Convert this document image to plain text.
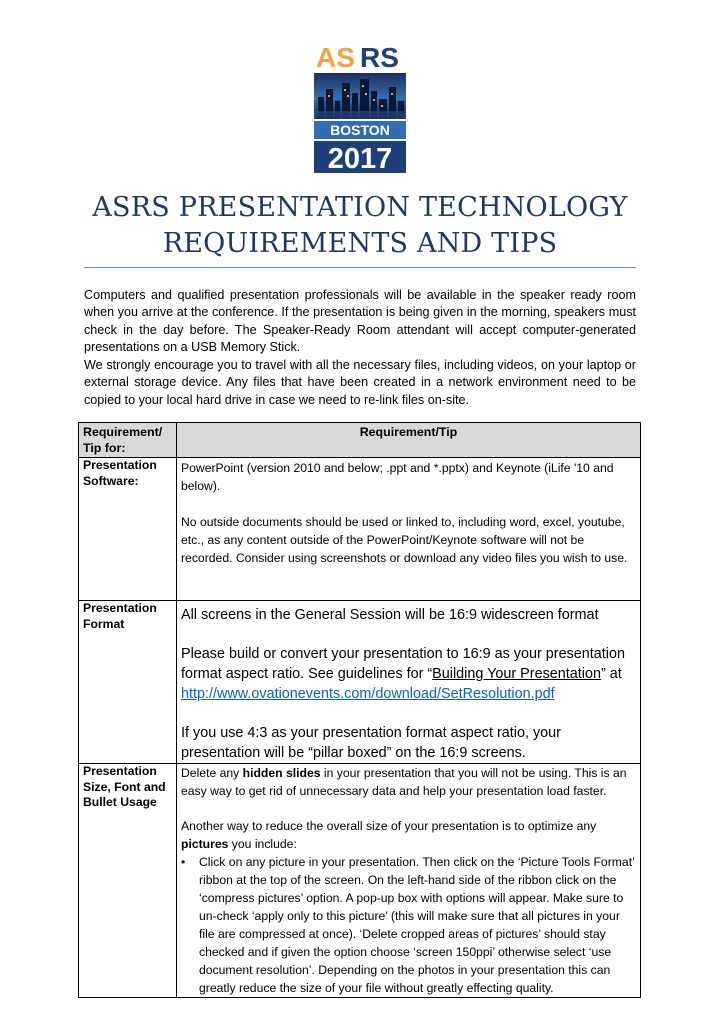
AS RS
BOSTON
2017
ASRS PRESENTATION TECHNOLOGY
REQUIREMENTS AND TIPS
Computers and qualified presentation professionals will be available in the speaker ready room when you arrive at the conference. If the presentation is being given in the morning, speakers must check in the day before. The Speaker-Ready Room attendant will accept computer-generated presentations on a USB Memory Stick.
We strongly encourage you to travel with all the necessary files, including videos, on your laptop or external storage device. Any files that have been created in a network environment need to be copied to your local hard drive in case we need to re-link files on-site.
Requirement/ Tip for:	Requirement/Tip
Presentation Software:	PowerPoint (version 2010 and below; .ppt and *.pptx) and Keynote (iLife '10 and below).

No outside documents should be used or linked to, including word, excel, youtube, etc., as any content outside of the PowerPoint/Keynote software will not be recorded. Consider using screenshots or download any video files you wish to use.

Presentation Format	All screens in the General Session will be 16:9 widescreen format

Please build or convert your presentation to 16:9 as your presentation format aspect ratio. See guidelines for “Building Your Presentation” at
http://www.ovationevents.com/download/SetResolution.pdf

If you use 4:3 as your presentation format aspect ratio, your presentation will be “pillar boxed” on the 16:9 screens.

Presentation Size, Font and Bullet Usage	Delete any hidden slides in your presentation that you will not be using. This is an easy way to get rid of unnecessary data and help your presentation load faster.

Another way to reduce the overall size of your presentation is to optimize any pictures you include:

• Click on any picture in your presentation. Then click on the ‘Picture Tools Format’ ribbon at the top of the screen. On the left-hand side of the ribbon click on the ‘compress pictures’ option. A pop-up box with options will appear. Make sure to un-check ‘apply only to this picture’ (this will make sure that all pictures in your file are compressed at once). ‘Delete cropped areas of pictures’ should stay checked and if given the option choose ‘screen 150ppi’ otherwise select ‘use document resolution’. Depending on the photos in your presentation this can greatly reduce the size of your file without greatly effecting quality.
